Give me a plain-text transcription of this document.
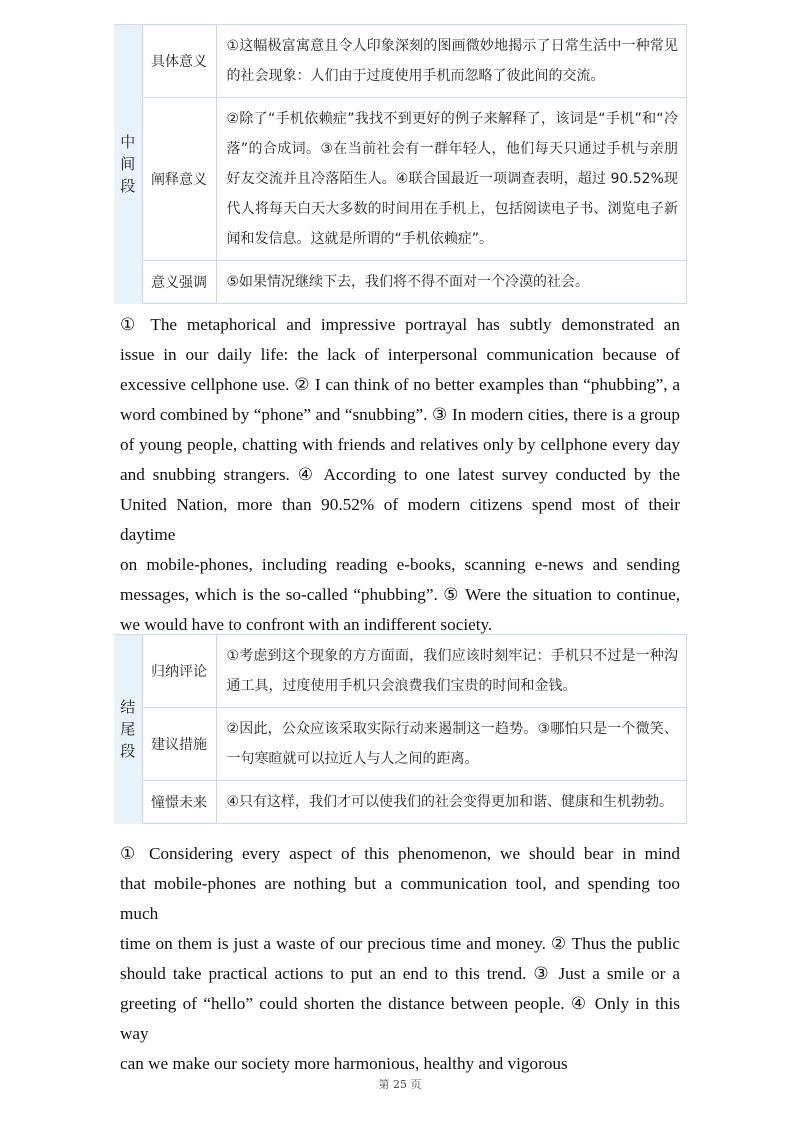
中
间
段	具体意义	①这幅极富寓意且令人印象深刻的图画微妙地揭示了日常生活中一种常见的社会现象：人们由于过度使用手机而忽略了彼此间的交流。
	阐释意义	②除了“手机依赖症”我找不到更好的例子来解释了，该词是“手机”和“冷落”的合成词。③在当前社会有一群年轻人，他们每天只通过手机与亲朋好友交流并且冷落陌生人。④联合国最近一项调查表明，超过 90.52%现代人将每天白天大多数的时间用在手机上，包括阅读电子书、浏览电子新闻和发信息。这就是所谓的“手机依赖症”。
	意义强调	⑤如果情况继续下去，我们将不得不面对一个冷漠的社会。

① The metaphorical and impressive portrayal has subtly demonstrated an
issue in our daily life: the lack of interpersonal communication because of
excessive cellphone use. ② I can think of no better examples than “phubbing”, a
word combined by “phone” and “snubbing”. ③ In modern cities, there is a group
of young people, chatting with friends and relatives only by cellphone every day
and snubbing strangers. ④ According to one latest survey conducted by the
United Nation, more than 90.52% of modern citizens spend most of their daytime
on mobile-phones, including reading e-books, scanning e-news and sending
messages, which is the so-called “phubbing”. ⑤ Were the situation to continue,
we would have to confront with an indifferent society.

结
尾
段	归纳评论	①考虑到这个现象的方方面面，我们应该时刻牢记：手机只不过是一种沟通工具，过度使用手机只会浪费我们宝贵的时间和金钱。
	建议措施	②因此，公众应该采取实际行动来遏制这一趋势。③哪怕只是一个微笑、一句寒暄就可以拉近人与人之间的距离。
	憧憬未来	④只有这样，我们才可以使我们的社会变得更加和谐、健康和生机勃勃。

① Considering every aspect of this phenomenon, we should bear in mind
that mobile-phones are nothing but a communication tool, and spending too much
time on them is just a waste of our precious time and money. ② Thus the public
should take practical actions to put an end to this trend. ③ Just a smile or a
greeting of “hello” could shorten the distance between people. ④ Only in this way
can we make our society more harmonious, healthy and vigorous

第 25 页
